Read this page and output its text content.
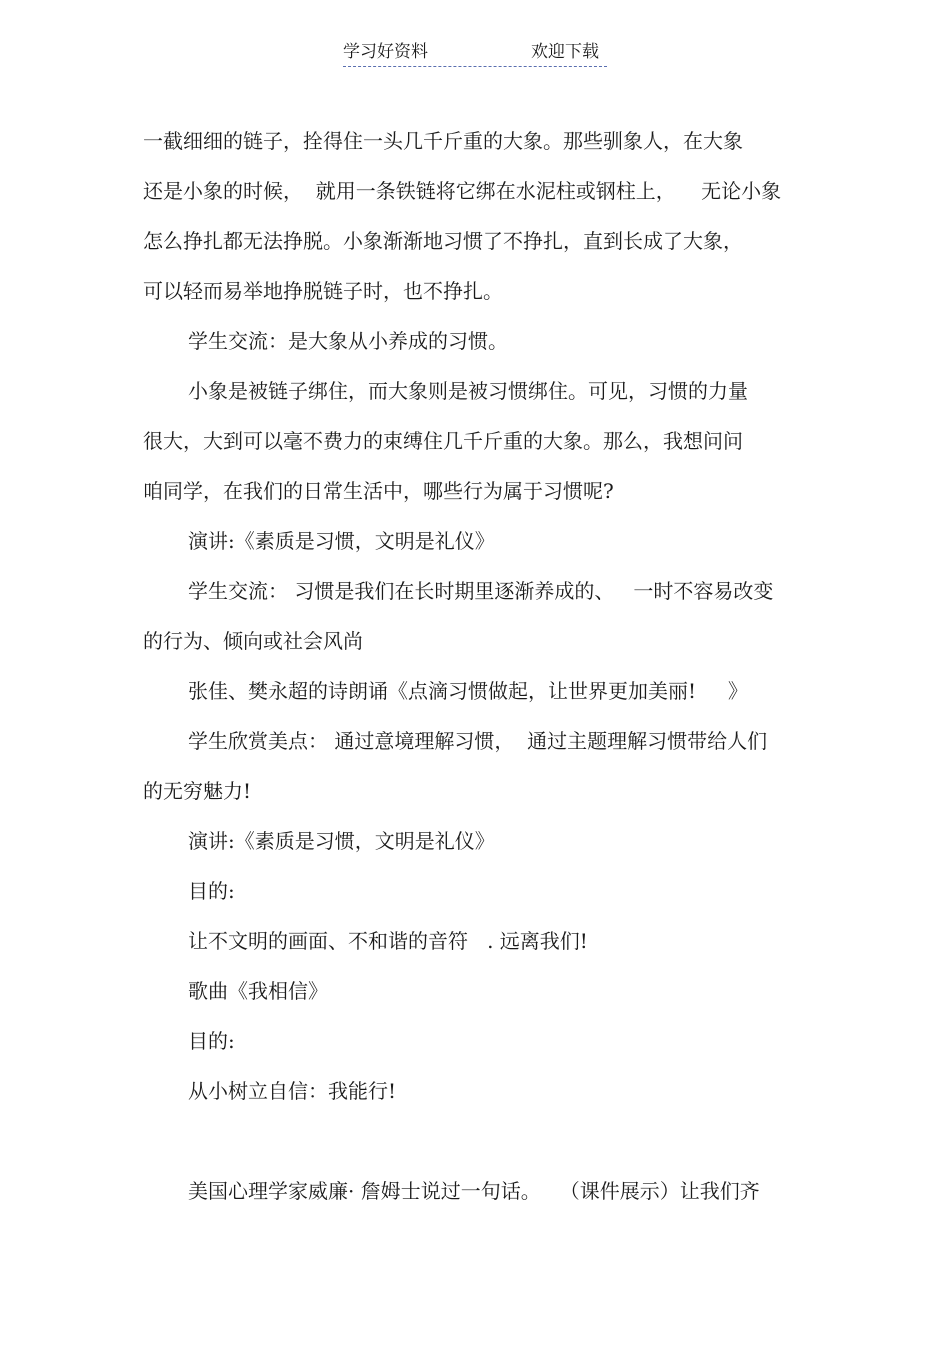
学习好资料	欢迎下载
一截细细的链子，拴得住一头几千斤重的大象。那些驯象人，在大象
还是小象的时候，  就用一条铁链将它绑在水泥柱或钢柱上，    无论小象
怎么挣扎都无法挣脱。小象渐渐地习惯了不挣扎，直到长成了大象，
可以轻而易举地挣脱链子时，也不挣扎。
学生交流：是大象从小养成的习惯。
小象是被链子绑住，而大象则是被习惯绑住。可见，习惯的力量
很大，大到可以毫不费力的束缚住几千斤重的大象。那么，我想问问
咱同学，在我们的日常生活中，哪些行为属于习惯呢?
演讲:《素质是习惯，文明是礼仪》
学生交流： 习惯是我们在长时期里逐渐养成的、   一时不容易改变
的行为、倾向或社会风尚
张佳、樊永超的诗朗诵《点滴习惯做起，让世界更加美丽!     》
学生欣赏美点： 通过意境理解习惯，  通过主题理解习惯带给人们
的无穷魅力!
演讲:《素质是习惯，文明是礼仪》
目的:
让不文明的画面、不和谐的音符   . 远离我们!
歌曲《我相信》
目的:
从小树立自信：我能行!
美国心理学家威廉· 詹姆士说过一句话。   （课件展示）让我们齐
